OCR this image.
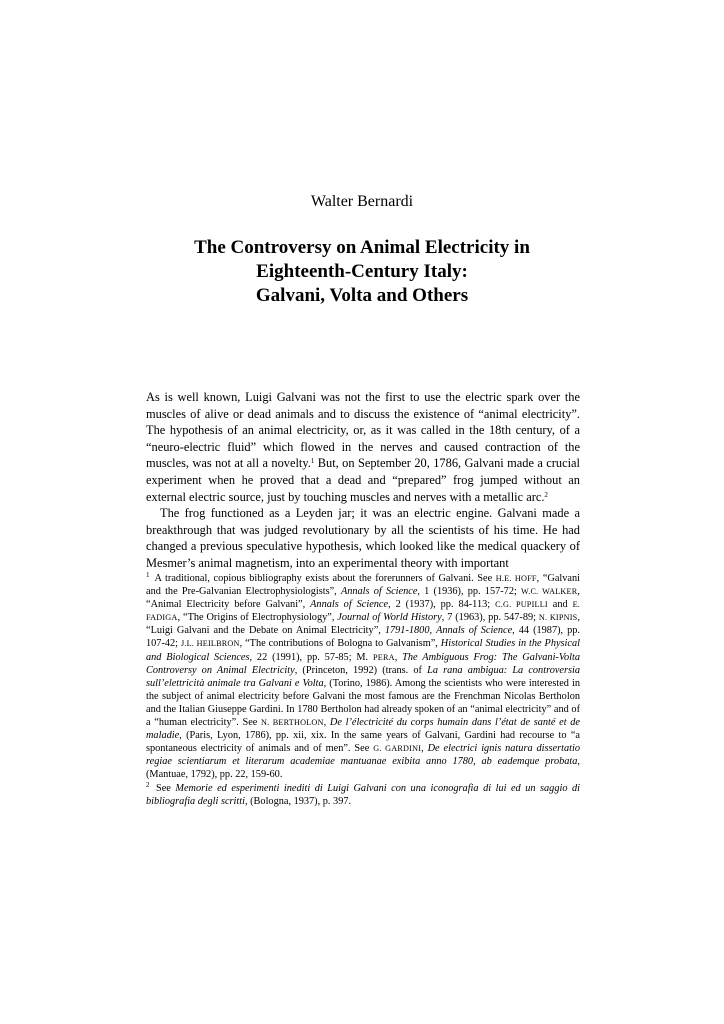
Walter Bernardi
The Controversy on Animal Electricity in
Eighteenth-Century Italy:
Galvani, Volta and Others

As is well known, Luigi Galvani was not the first to use the electric spark over the muscles of alive or dead animals and to discuss the existence of “animal electricity”. The hypothesis of an animal electricity, or, as it was called in the 18th century, of a “neuro-electric fluid” which flowed in the nerves and caused contraction of the muscles, was not at all a novelty.$^1$ But, on September 20, 1786, Galvani made a crucial experiment when he proved that a dead and “prepared” frog jumped without an external electric source, just by touching muscles and nerves with a metallic arc.$^2$

The frog functioned as a Leyden jar; it was an electric engine. Galvani made a breakthrough that was judged revolutionary by all the scientists of his time. He had changed a previous speculative hypothesis, which looked like the medical quackery of Mesmer’s animal magnetism, into an experimental theory with important

$^1$ A traditional, copious bibliography exists about the forerunners of Galvani. See H.E. HOFF, “Galvani and the Pre-Galvanian Electrophysiologists”, Annals of Science, 1 (1936), pp. 157-72; W.C. WALKER, “Animal Electricity before Galvani”, Annals of Science, 2 (1937), pp. 84-113; C.G. PUPILLI and E. FADIGA, “The Origins of Electrophysiology”, Journal of World History, 7 (1963), pp. 547-89; N. KIPNIS, “Luigi Galvani and the Debate on Animal Electricity”, 1791-1800, Annals of Science, 44 (1987), pp. 107-42; J.L. HEILBRON, “The contributions of Bologna to Galvanism”, Historical Studies in the Physical and Biological Sciences, 22 (1991), pp. 57-85; M. PERA, The Ambiguous Frog: The Galvani-Volta Controversy on Animal Electricity, (Princeton, 1992) (trans. of La rana ambigua: La controversia sull’elettricità animale tra Galvani e Volta, (Torino, 1986). Among the scientists who were interested in the subject of animal electricity before Galvani the most famous are the Frenchman Nicolas Bertholon and the Italian Giuseppe Gardini. In 1780 Bertholon had already spoken of an “animal electricity” and of a “human electricity”. See N. BERTHOLON, De l’électricité du corps humain dans l’état de santé et de maladie, (Paris, Lyon, 1786), pp. xii, xix. In the same years of Galvani, Gardini had recourse to “a spontaneous electricity of animals and of men”. See G. GARDINI, De electrici ignis natura dissertatio regiae scientiarum et literarum academiae mantuanae exibita anno 1780, ab eademque probata, (Mantuae, 1792), pp. 22, 159-60.

$^2$ See Memorie ed esperimenti inediti di Luigi Galvani con una iconografia di lui ed un saggio di bibliografia degli scritti, (Bologna, 1937), p. 397.
